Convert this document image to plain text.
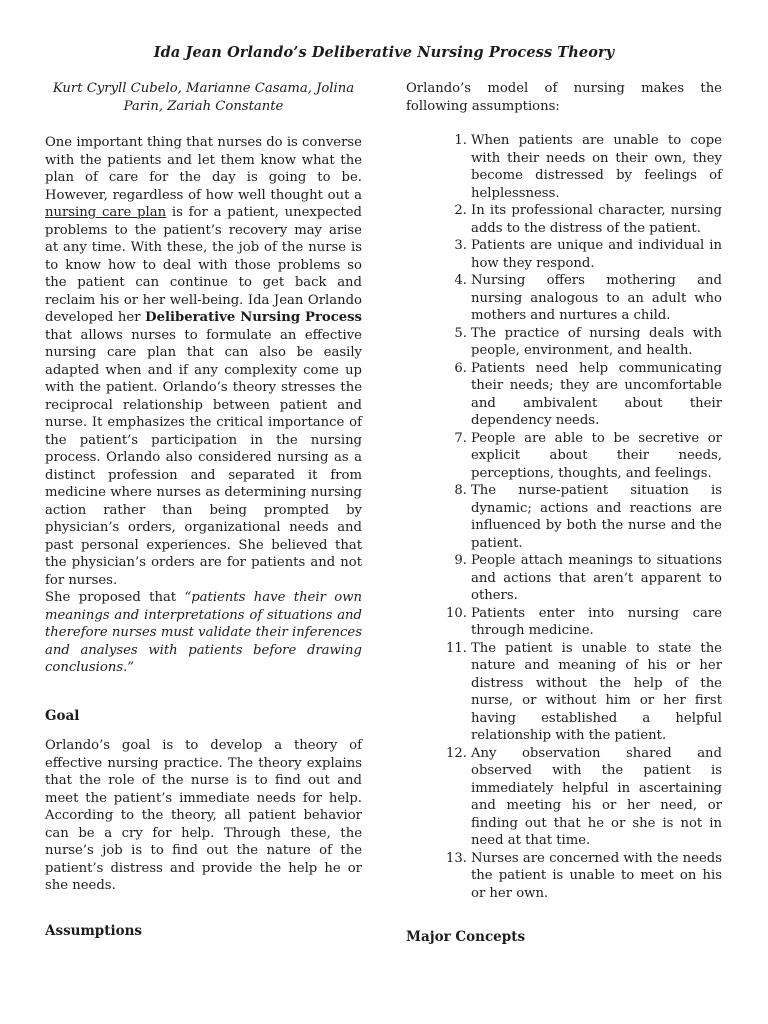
Ida Jean Orlando’s Deliberative Nursing Process Theory
Kurt Cyryll Cubelo, Marianne Casama, Jolina Parin, Zariah Constante

One important thing that nurses do is converse with the patients and let them know what the plan of care for the day is going to be. However, regardless of how well thought out a nursing care plan is for a patient, unexpected problems to the patient’s recovery may arise at any time. With these, the job of the nurse is to know how to deal with those problems so the patient can continue to get back and reclaim his or her well-being. Ida Jean Orlando developed her Deliberative Nursing Process that allows nurses to formulate an effective nursing care plan that can also be easily adapted when and if any complexity come up with the patient. Orlando’s theory stresses the reciprocal relationship between patient and nurse. It emphasizes the critical importance of the patient’s participation in the nursing process. Orlando also considered nursing as a distinct profession and separated it from medicine where nurses as determining nursing action rather than being prompted by physician’s orders, organizational needs and past personal experiences. She believed that the physician’s orders are for patients and not for nurses.

She proposed that “patients have their own meanings and interpretations of situations and therefore nurses must validate their inferences and analyses with patients before drawing conclusions.”

Goal

Orlando’s goal is to develop a theory of effective nursing practice. The theory explains that the role of the nurse is to find out and meet the patient’s immediate needs for help. According to the theory, all patient behavior can be a cry for help. Through these, the nurse’s job is to find out the nature of the patient’s distress and provide the help he or she needs.

Assumptions

Orlando’s model of nursing makes the following assumptions:

1. When patients are unable to cope with their needs on their own, they become distressed by feelings of helplessness.
2. In its professional character, nursing adds to the distress of the patient.
3. Patients are unique and individual in how they respond.
4. Nursing offers mothering and nursing analogous to an adult who mothers and nurtures a child.
5. The practice of nursing deals with people, environment, and health.
6. Patients need help communicating their needs; they are uncomfortable and ambivalent about their dependency needs.
7. People are able to be secretive or explicit about their needs, perceptions, thoughts, and feelings.
8. The nurse-patient situation is dynamic; actions and reactions are influenced by both the nurse and the patient.
9. People attach meanings to situations and actions that aren’t apparent to others.
10. Patients enter into nursing care through medicine.
11. The patient is unable to state the nature and meaning of his or her distress without the help of the nurse, or without him or her first having established a helpful relationship with the patient.
12. Any observation shared and observed with the patient is immediately helpful in ascertaining and meeting his or her need, or finding out that he or she is not in need at that time.
13. Nurses are concerned with the needs the patient is unable to meet on his or her own.
Major Concepts
